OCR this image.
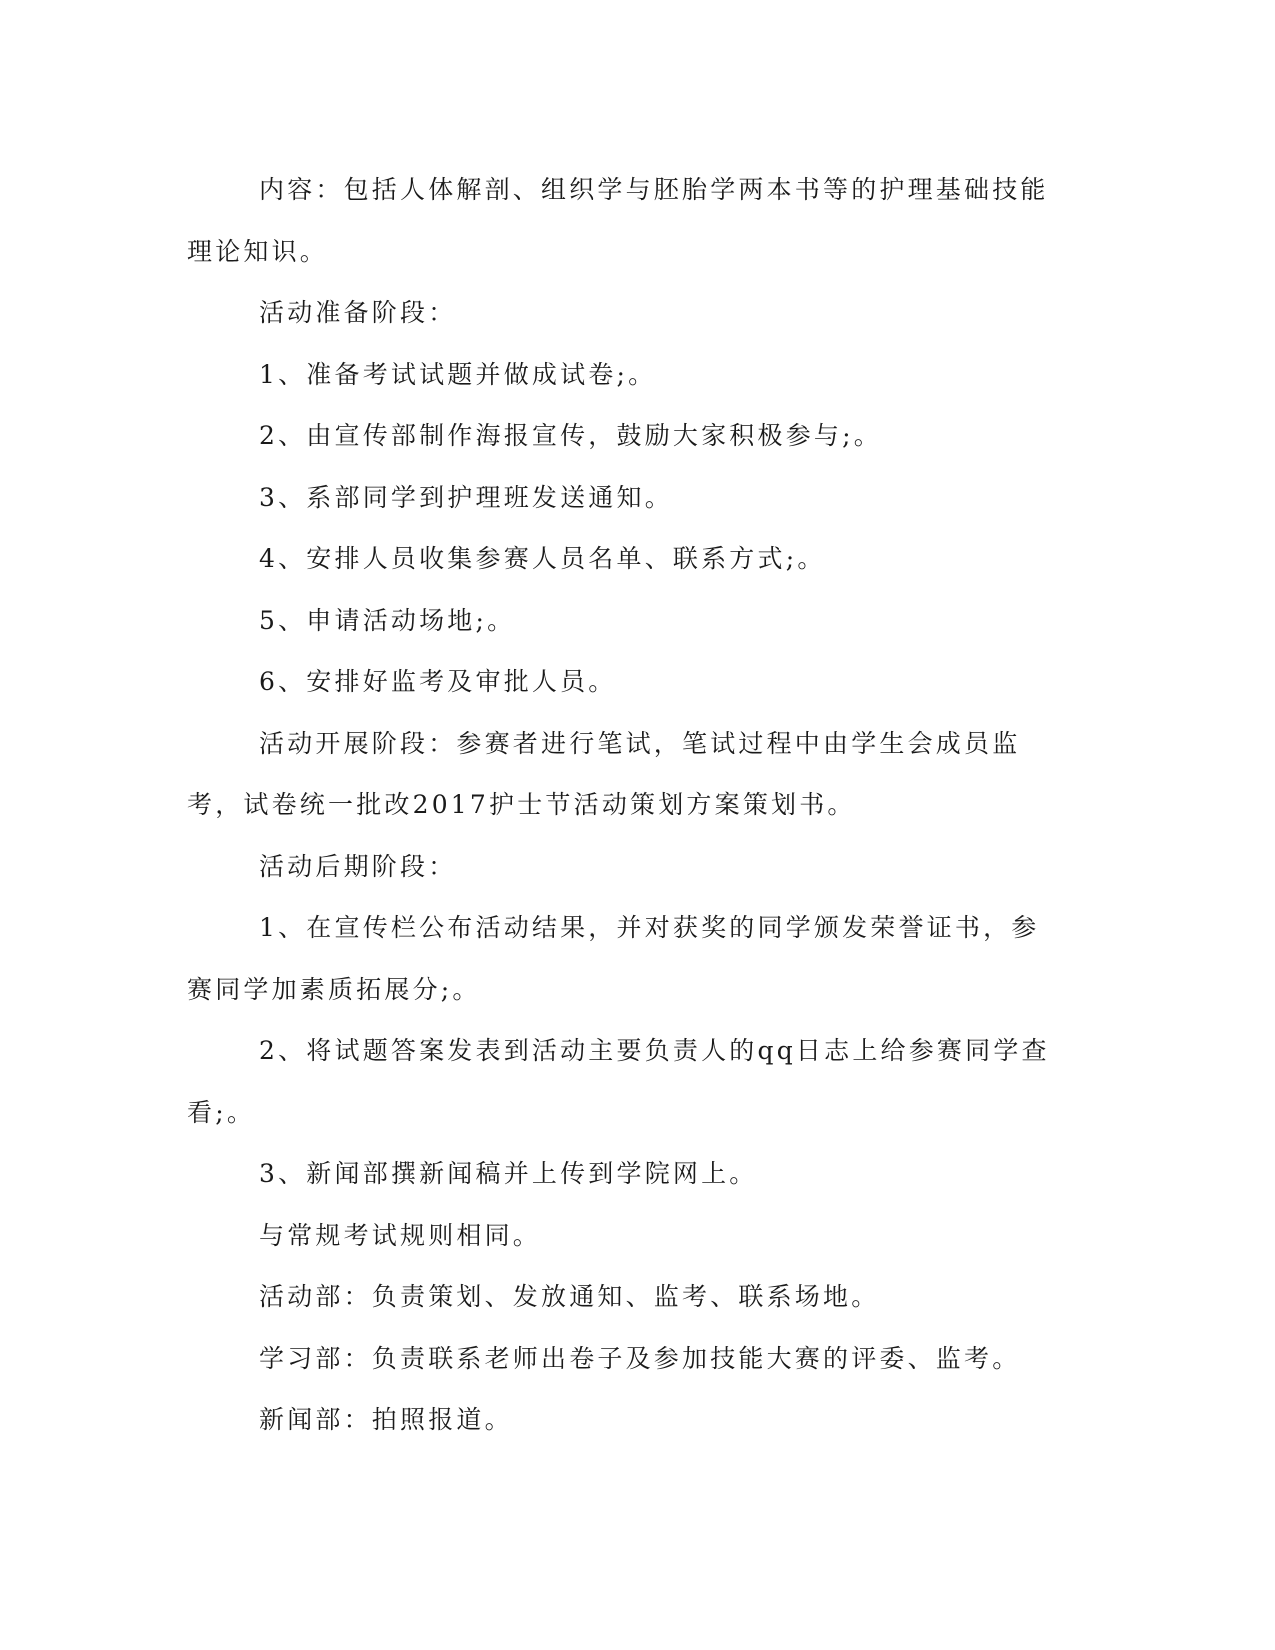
内容：包括人体解剖、组织学与胚胎学两本书等的护理基础技能理论知识。

活动准备阶段：

1、准备考试试题并做成试卷;。

2、由宣传部制作海报宣传，鼓励大家积极参与;。

3、系部同学到护理班发送通知。

4、安排人员收集参赛人员名单、联系方式;。

5、申请活动场地;。

6、安排好监考及审批人员。

活动开展阶段：参赛者进行笔试，笔试过程中由学生会成员监考，试卷统一批改2017护士节活动策划方案策划书。

活动后期阶段：

1、在宣传栏公布活动结果，并对获奖的同学颁发荣誉证书，参赛同学加素质拓展分;。

2、将试题答案发表到活动主要负责人的qq日志上给参赛同学查看;。

3、新闻部撰新闻稿并上传到学院网上。

与常规考试规则相同。

活动部：负责策划、发放通知、监考、联系场地。

学习部：负责联系老师出卷子及参加技能大赛的评委、监考。

新闻部：拍照报道。
